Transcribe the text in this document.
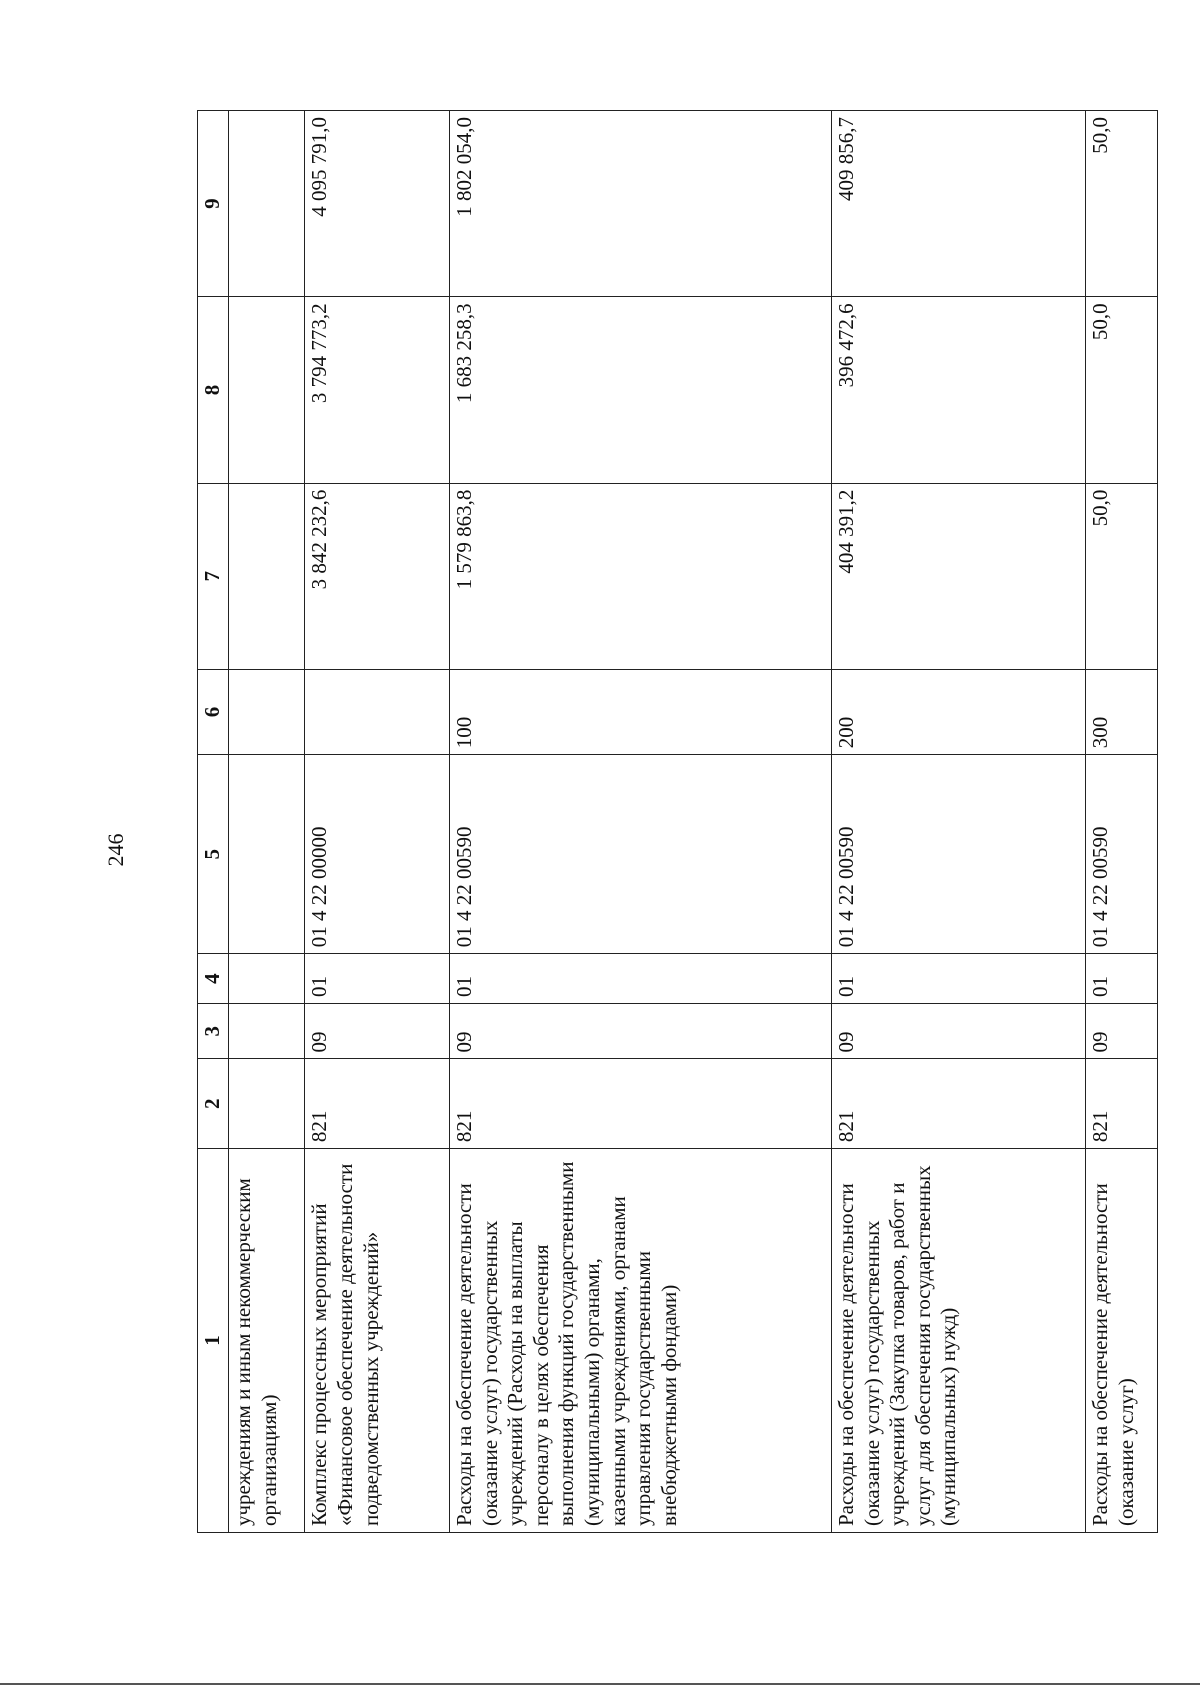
246
1	2	3	4	5	6	7	8	9
учреждениям и иным некоммерческим организациям)								
Комплекс процессных мероприятий «Финансовое обеспечение деятельности подведомственных учреждений»	821	09	01	01 4 22 00000		3 842 232,6	3 794 773,2	4 095 791,0
Расходы на обеспечение деятельности (оказание услуг) государственных учреждений (Расходы на выплаты персоналу в целях обеспечения выполнения функций государственными (муниципальными) органами, казенными учреждениями, органами управления государственными внебюджетными фондами)	821	09	01	01 4 22 00590	100	1 579 863,8	1 683 258,3	1 802 054,0
Расходы на обеспечение деятельности (оказание услуг) государственных учреждений (Закупка товаров, работ и услуг для обеспечения государственных (муниципальных) нужд)	821	09	01	01 4 22 00590	200	404 391,2	396 472,6	409 856,7
Расходы на обеспечение деятельности (оказание услуг)	821	09	01	01 4 22 00590	300	50,0	50,0	50,0
